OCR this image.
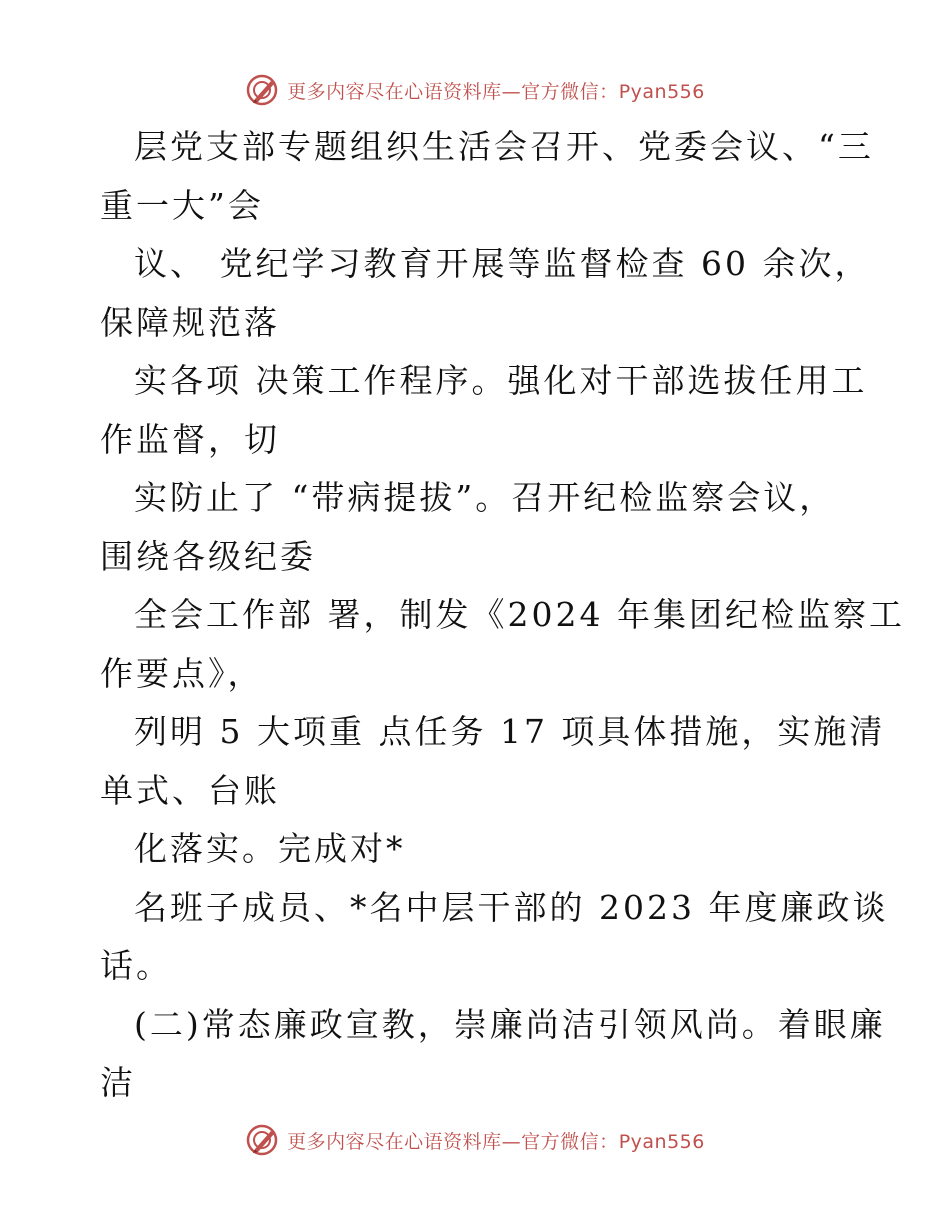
更多内容尽在心语资料库—官方微信：Pyan556
层党支部专题组织生活会召开、党委会议、“三
重一大”会
议、 党纪学习教育开展等监督检查 60 余次，
保障规范落
实各项 决策工作程序。强化对干部选拔任用工
作监督，切
实防止了 “带病提拔”。召开纪检监察会议，
围绕各级纪委
全会工作部 署，制发《2024 年集团纪检监察工
作要点》，
列明 5 大项重 点任务 17 项具体措施，实施清
单式、台账
化落实。完成对*
名班子成员、*名中层干部的 2023 年度廉政谈
话。
(二)常态廉政宣教，崇廉尚洁引领风尚。着眼廉
洁
更多内容尽在心语资料库—官方微信：Pyan556
